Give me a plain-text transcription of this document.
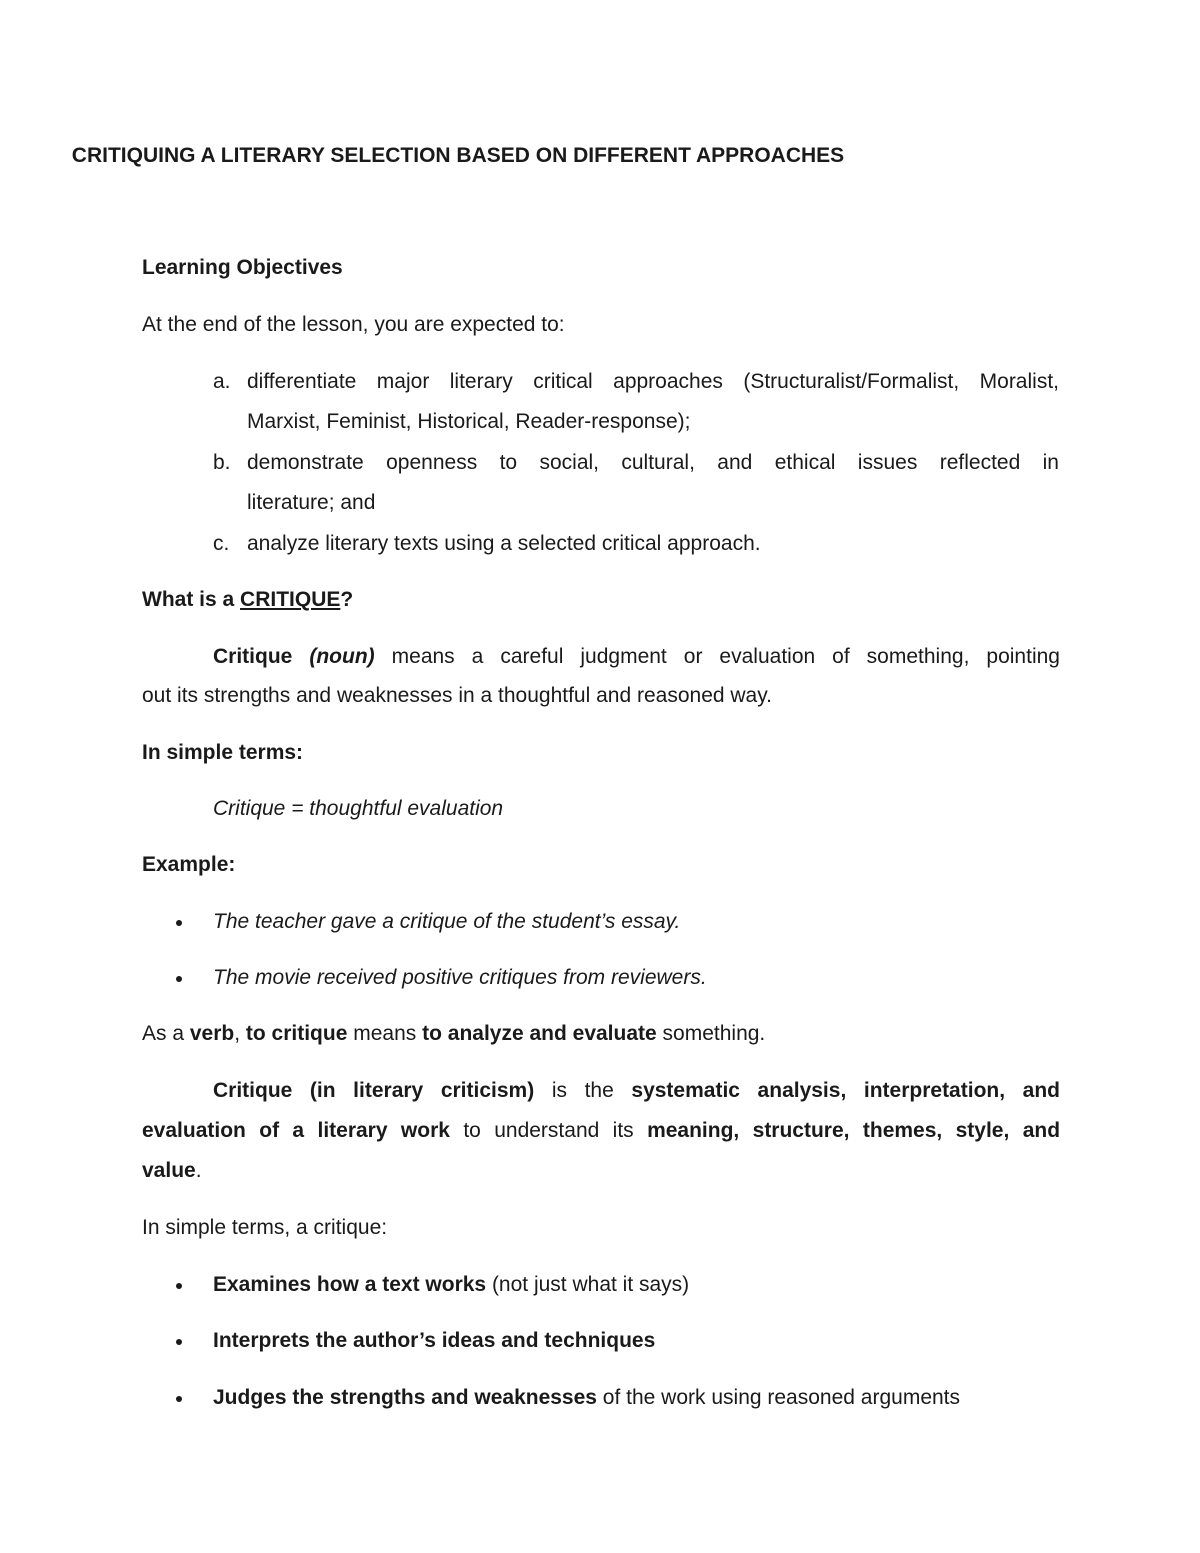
CRITIQUING A LITERARY SELECTION BASED ON DIFFERENT APPROACHES
Learning Objectives
At the end of the lesson, you are expected to:
a. differentiate major literary critical approaches (Structuralist/Formalist, Moralist,
Marxist, Feminist, Historical, Reader-response);
b. demonstrate openness to social, cultural, and ethical issues reflected in
literature; and
c. analyze literary texts using a selected critical approach.
What is a CRITIQUE?
Critique (noun) means a careful judgment or evaluation of something, pointing
out its strengths and weaknesses in a thoughtful and reasoned way.
In simple terms:
Critique = thoughtful evaluation
Example:
The teacher gave a critique of the student’s essay.
The movie received positive critiques from reviewers.
As a verb, to critique means to analyze and evaluate something.
Critique (in literary criticism) is the systematic analysis, interpretation, and
evaluation of a literary work to understand its meaning, structure, themes, style, and
value.
In simple terms, a critique:
Examines how a text works (not just what it says)
Interprets the author’s ideas and techniques
Judges the strengths and weaknesses of the work using reasoned arguments
